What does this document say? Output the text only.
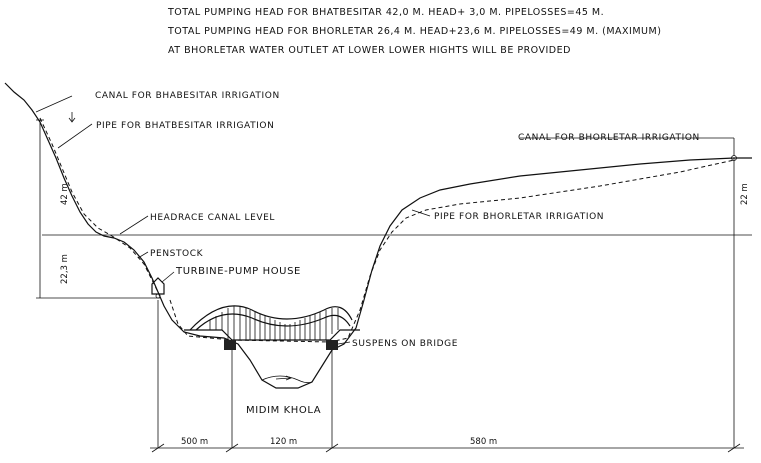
TOTAL PUMPING HEAD FOR BHATBESITAR 42,0 M. HEAD+ 3,0 M. PIPELOSSES=45 M.
TOTAL PUMPING HEAD FOR BHORLETAR 26,4 M. HEAD+23,6 M. PIPELOSSES=49 M. (MAXIMUM)
AT BHORLETAR WATER OUTLET AT LOWER LOWER HIGHTS WILL BE PROVIDED
CANAL FOR BHABESITAR IRRIGATION
PIPE FOR BHATBESITAR IRRIGATION
CANAL FOR BHORLETAR IRRIGATION
HEADRACE CANAL LEVEL	PIPE FOR BHORLETAR IRRIGATION
PENSTOCK
TURBINE-PUMP HOUSE
SUSPENS ON BRIDGE
MIDIM KHOLA
42 m
22,3 m
22 m
500 m	120 m	580 m
